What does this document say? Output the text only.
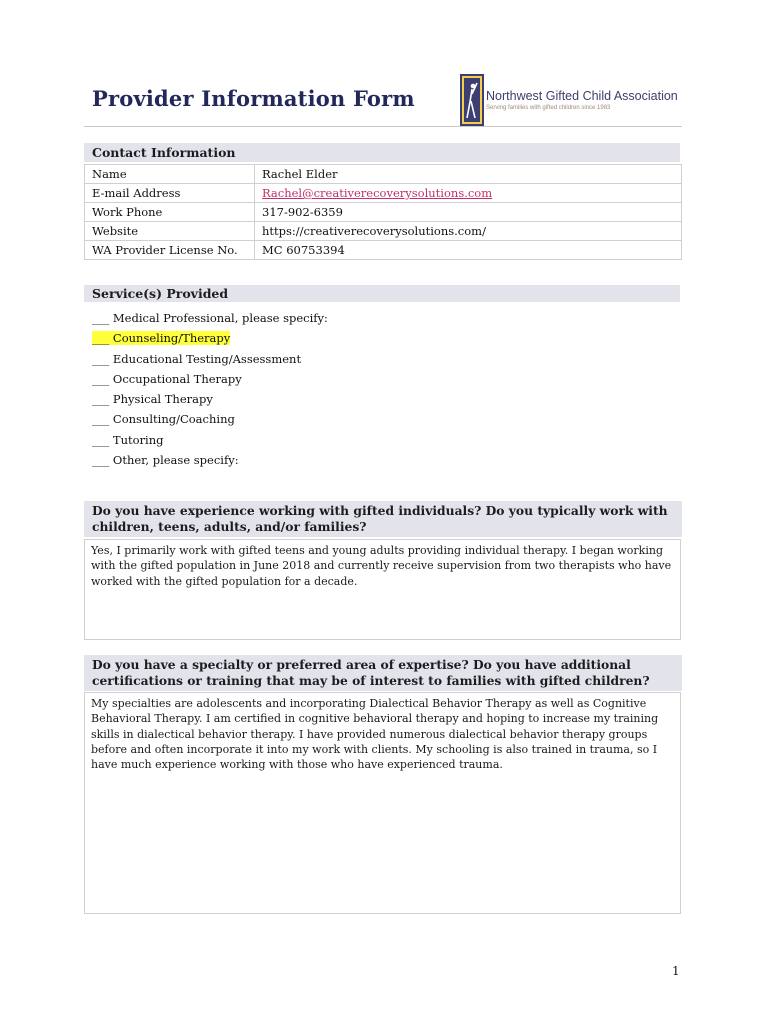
Provider Information Form	Northwest Gifted Child Association
Serving families with gifted children since 1983
Contact Information
Name	Rachel Elder
E-mail Address	Rachel@creativerecoverysolutions.com
Work Phone	317-902-6359
Website	https://creativerecoverysolutions.com/
WA Provider License No.	MC 60753394
Service(s) Provided
___ Medical Professional, please specify:
___ Counseling/Therapy
___ Educational Testing/Assessment
___ Occupational Therapy
___ Physical Therapy
___ Consulting/Coaching
___ Tutoring
___ Other, please specify:
Do you have experience working with gifted individuals? Do you typically work with children, teens, adults, and/or families?
Yes, I primarily work with gifted teens and young adults providing individual therapy. I began working with the gifted population in June 2018 and currently receive supervision from two therapists who have worked with the gifted population for a decade.
Do you have a specialty or preferred area of expertise? Do you have additional certifications or training that may be of interest to families with gifted children?
My specialties are adolescents and incorporating Dialectical Behavior Therapy as well as Cognitive Behavioral Therapy. I am certified in cognitive behavioral therapy and hoping to increase my training skills in dialectical behavior therapy. I have provided numerous dialectical behavior therapy groups before and often incorporate it into my work with clients. My schooling is also trained in trauma, so I have much experience working with those who have experienced trauma.
1
